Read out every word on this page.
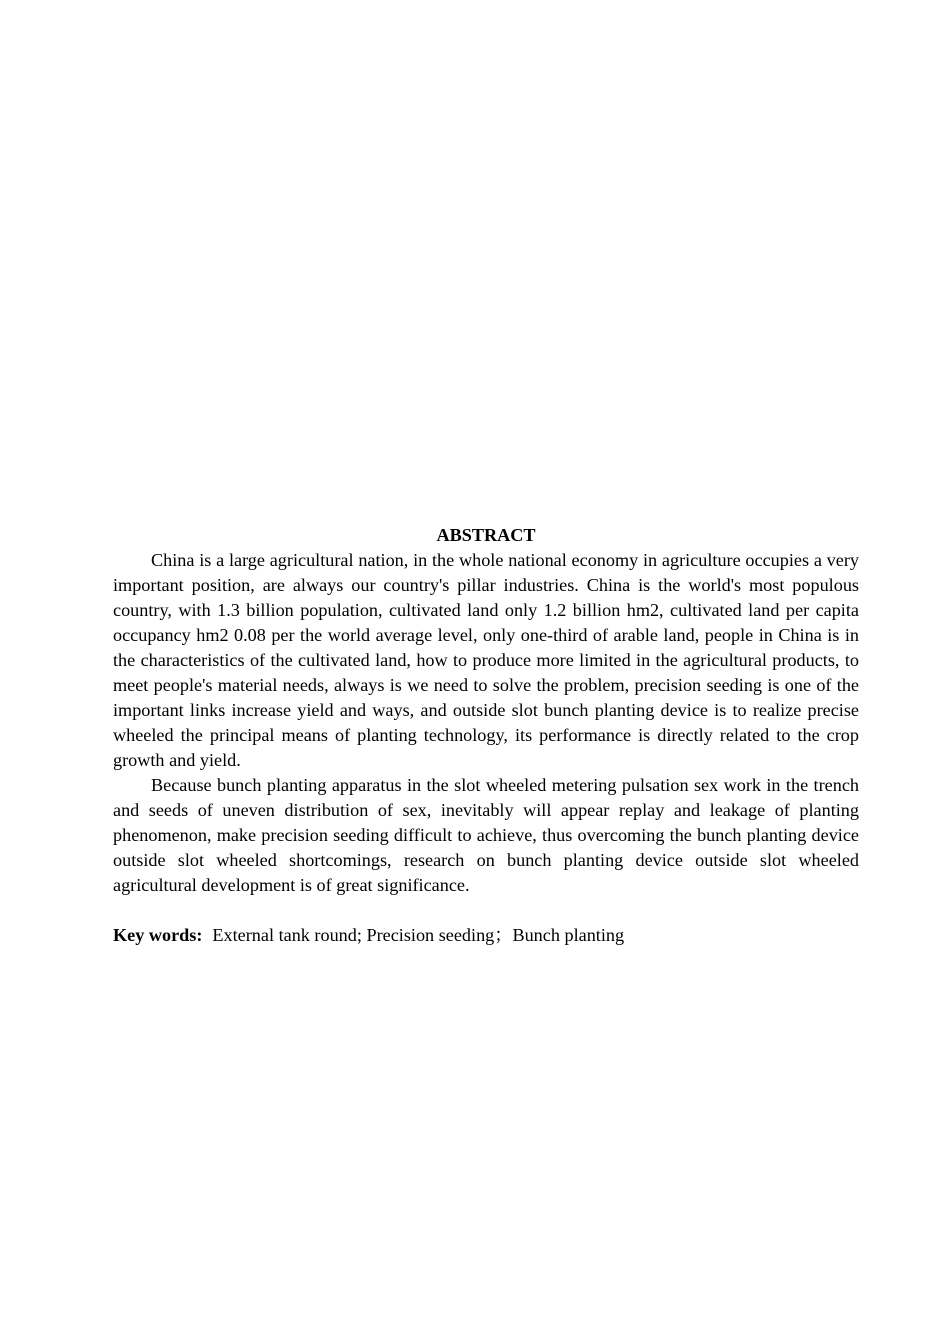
ABSTRACT

China is a large agricultural nation, in the whole national economy in agriculture occupies a very important position, are always our country's pillar industries. China is the world's most populous country, with 1.3 billion population, cultivated land only 1.2 billion hm2, cultivated land per capita occupancy hm2 0.08 per the world average level, only one-third of arable land, people in China is in the characteristics of the cultivated land, how to produce more limited in the agricultural products, to meet people's material needs, always is we need to solve the problem, precision seeding is one of the important links increase yield and ways, and outside slot bunch planting device is to realize precise wheeled the principal means of planting technology, its performance is directly related to the crop growth and yield.

Because bunch planting apparatus in the slot wheeled metering pulsation sex work in the trench and seeds of uneven distribution of sex, inevitably will appear replay and leakage of planting phenomenon, make precision seeding difficult to achieve, thus overcoming the bunch planting device outside slot wheeled shortcomings, research on bunch planting device outside slot wheeled agricultural development is of great significance.

Key words: External tank round; Precision seeding；Bunch planting
